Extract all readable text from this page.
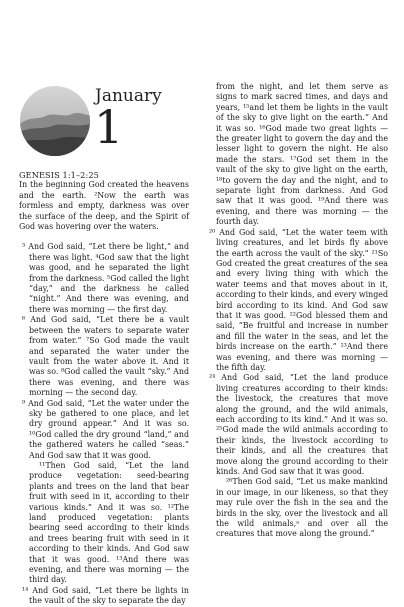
January
1

GENESIS 1:1–2:25

In the beginning God created the heavens and the earth. ²Now the earth was formless and empty, darkness was over the surface of the deep, and the Spirit of God was hovering over the waters.

³ And God said, “Let there be light,” and there was light. ⁴God saw that the light was good, and he separated the light from the darkness. ⁵God called the light “day,” and the darkness he called “night.” And there was evening, and there was morning — the first day.

⁶ And God said, “Let there be a vault between the waters to separate water from water.” ⁷So God made the vault and separated the water under the vault from the water above it. And it was so. ⁸God called the vault “sky.” And there was evening, and there was morning — the second day.

⁹ And God said, “Let the water under the sky be gathered to one place, and let dry ground appear.” And it was so. ¹⁰God called the dry ground “land,” and the gathered waters he called “seas.” And God saw that it was good.

¹¹Then God said, “Let the land produce vegetation: seed-bearing plants and trees on the land that bear fruit with seed in it, according to their various kinds.” And it was so. ¹²The land produced vegetation: plants bearing seed according to their kinds and trees bearing fruit with seed in it according to their kinds. And God saw that it was good. ¹³And there was evening, and there was morning — the third day.

¹⁴ And God said, “Let there be lights in the vault of the sky to separate the day

from the night, and let them serve as signs to mark sacred times, and days and years, ¹⁵and let them be lights in the vault of the sky to give light on the earth.” And it was so. ¹⁶God made two great lights — the greater light to govern the day and the lesser light to govern the night. He also made the stars. ¹⁷God set them in the vault of the sky to give light on the earth, ¹⁸to govern the day and the night, and to separate light from darkness. And God saw that it was good. ¹⁹And there was evening, and there was morning — the fourth day.

²⁰ And God said, “Let the water teem with living creatures, and let birds fly above the earth across the vault of the sky.” ²¹So God created the great creatures of the sea and every living thing with which the water teems and that moves about in it, according to their kinds, and every winged bird according to its kind. And God saw that it was good. ²²God blessed them and said, “Be fruitful and increase in number and fill the water in the seas, and let the birds increase on the earth.” ²³And there was evening, and there was morning — the fifth day.

²⁴ And God said, “Let the land produce living creatures according to their kinds: the livestock, the creatures that move along the ground, and the wild animals, each according to its kind.” And it was so. ²⁵God made the wild animals according to their kinds, the livestock according to their kinds, and all the creatures that move along the ground according to their kinds. And God saw that it was good.

²⁶Then God said, “Let us make mankind in our image, in our likeness, so that they may rule over the fish in the sea and the birds in the sky, over the livestock and all the wild animals,ᵃ and over all the creatures that move along the ground.”
